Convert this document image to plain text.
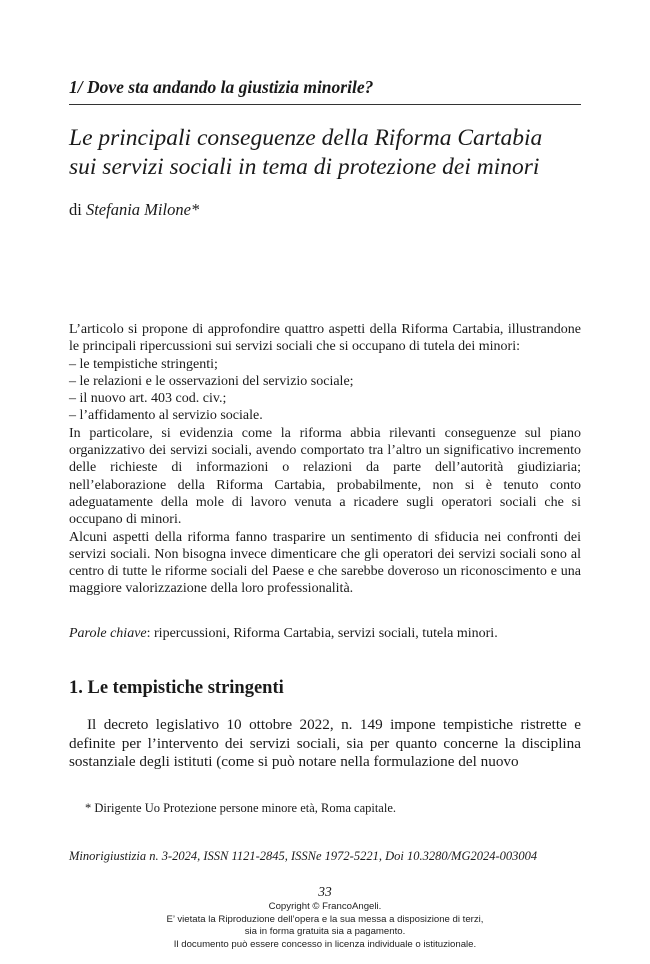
1/ Dove sta andando la giustizia minorile?
Le principali conseguenze della Riforma Cartabia
sui servizi sociali in tema di protezione dei minori
di Stefania Milone*

L’articolo si propone di approfondire quattro aspetti della Riforma Cartabia, illustrandone le principali ripercussioni sui servizi sociali che si occupano di tutela dei minori:

– le tempistiche stringenti;
– le relazioni e le osservazioni del servizio sociale;
– il nuovo art. 403 cod. civ.;
– l’affidamento al servizio sociale.

In particolare, si evidenzia come la riforma abbia rilevanti conseguenze sul piano organizzativo dei servizi sociali, avendo comportato tra l’altro un significativo incremento delle richieste di informazioni o relazioni da parte dell’autorità giudiziaria; nell’elaborazione della Riforma Cartabia, probabilmente, non si è tenuto conto adeguatamente della mole di lavoro venuta a ricadere sugli operatori sociali che si occupano di minori.

Alcuni aspetti della riforma fanno trasparire un sentimento di sfiducia nei confronti dei servizi sociali. Non bisogna invece dimenticare che gli operatori dei servizi sociali sono al centro di tutte le riforme sociali del Paese e che sarebbe doveroso un riconoscimento e una maggiore valorizzazione della loro professionalità.

Parole chiave: ripercussioni, Riforma Cartabia, servizi sociali, tutela minori.
1. Le tempistiche stringenti

Il decreto legislativo 10 ottobre 2022, n. 149 impone tempistiche ristrette e definite per l’intervento dei servizi sociali, sia per quanto concerne la disciplina sostanziale degli istituti (come si può notare nella formulazione del nuovo

* Dirigente Uo Protezione persone minore età, Roma capitale.
Minorigiustizia n. 3-2024, ISSN 1121-2845, ISSNe 1972-5221, Doi 10.3280/MG2024-003004
33
Copyright © FrancoAngeli.
E’ vietata la Riproduzione dell’opera e la sua messa a disposizione di terzi,
sia in forma gratuita sia a pagamento.
Il documento può essere concesso in licenza individuale o istituzionale.
